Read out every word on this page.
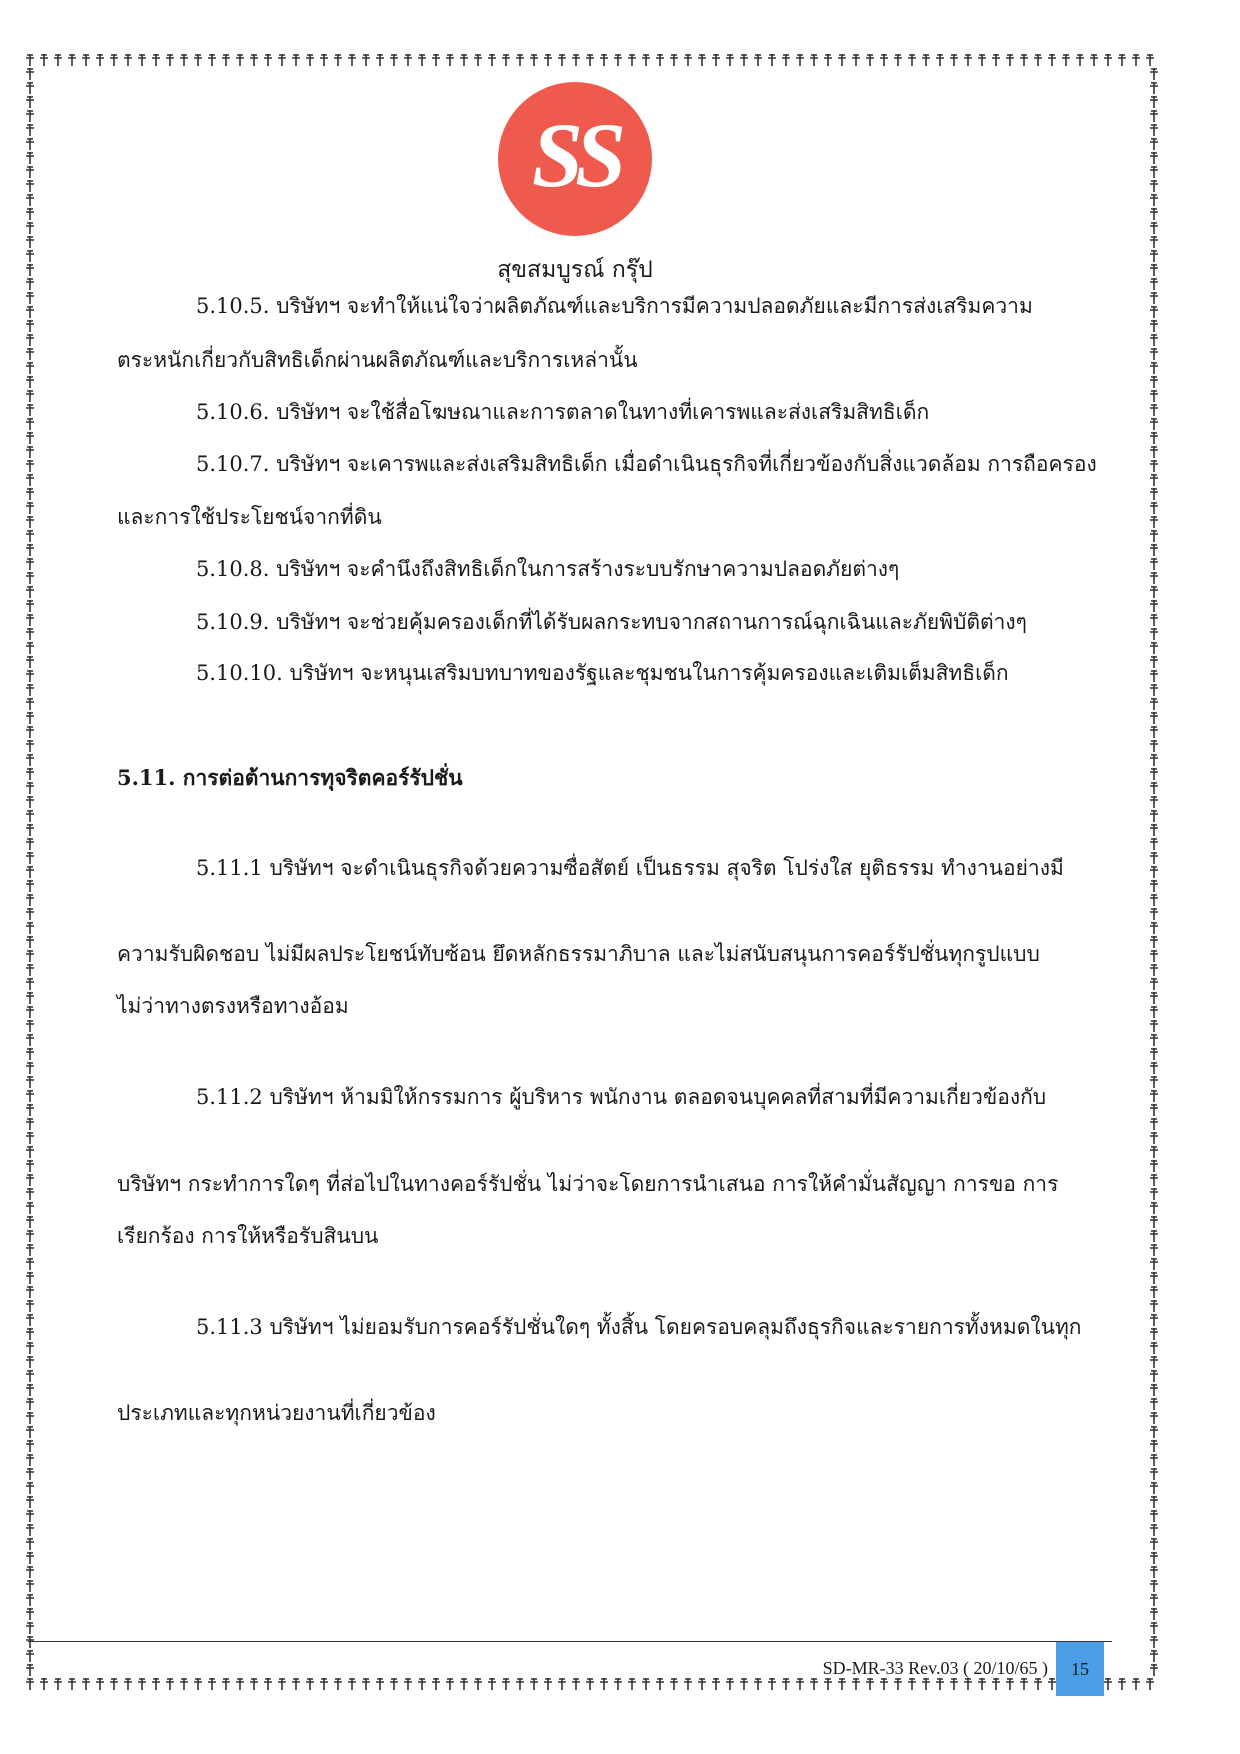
SS
สุขสมบูรณ์ กรุ๊ป
5.10.5. บริษัทฯ จะทำให้แน่ใจว่าผลิตภัณฑ์และบริการมีความปลอดภัยและมีการส่งเสริมความ
ตระหนักเกี่ยวกับสิทธิเด็กผ่านผลิตภัณฑ์และบริการเหล่านั้น
5.10.6. บริษัทฯ จะใช้สื่อโฆษณาและการตลาดในทางที่เคารพและส่งเสริมสิทธิเด็ก
5.10.7. บริษัทฯ จะเคารพและส่งเสริมสิทธิเด็ก เมื่อดำเนินธุรกิจที่เกี่ยวข้องกับสิ่งแวดล้อม การถือครอง
และการใช้ประโยชน์จากที่ดิน
5.10.8. บริษัทฯ จะคำนึงถึงสิทธิเด็กในการสร้างระบบรักษาความปลอดภัยต่างๆ
5.10.9. บริษัทฯ จะช่วยคุ้มครองเด็กที่ได้รับผลกระทบจากสถานการณ์ฉุกเฉินและภัยพิบัติต่างๆ
5.10.10. บริษัทฯ จะหนุนเสริมบทบาทของรัฐและชุมชนในการคุ้มครองและเติมเต็มสิทธิเด็ก
5.11. การต่อต้านการทุจริตคอร์รัปชั่น
5.11.1 บริษัทฯ จะดำเนินธุรกิจด้วยความซื่อสัตย์ เป็นธรรม สุจริต โปร่งใส ยุติธรรม ทำงานอย่างมี
ความรับผิดชอบ ไม่มีผลประโยชน์ทับซ้อน ยึดหลักธรรมาภิบาล และไม่สนับสนุนการคอร์รัปชั่นทุกรูปแบบ
ไม่ว่าทางตรงหรือทางอ้อม
5.11.2 บริษัทฯ ห้ามมิให้กรรมการ ผู้บริหาร พนักงาน ตลอดจนบุคคลที่สามที่มีความเกี่ยวข้องกับ
บริษัทฯ กระทำการใดๆ ที่ส่อไปในทางคอร์รัปชั่น ไม่ว่าจะโดยการนำเสนอ การให้คำมั่นสัญญา การขอ การ
เรียกร้อง การให้หรือรับสินบน
5.11.3 บริษัทฯ ไม่ยอมรับการคอร์รัปชั่นใดๆ ทั้งสิ้น โดยครอบคลุมถึงธุรกิจและรายการทั้งหมดในทุก
ประเภทและทุกหน่วยงานที่เกี่ยวข้อง
SD-MR-33 Rev.03 ( 20/10/65 )	15
